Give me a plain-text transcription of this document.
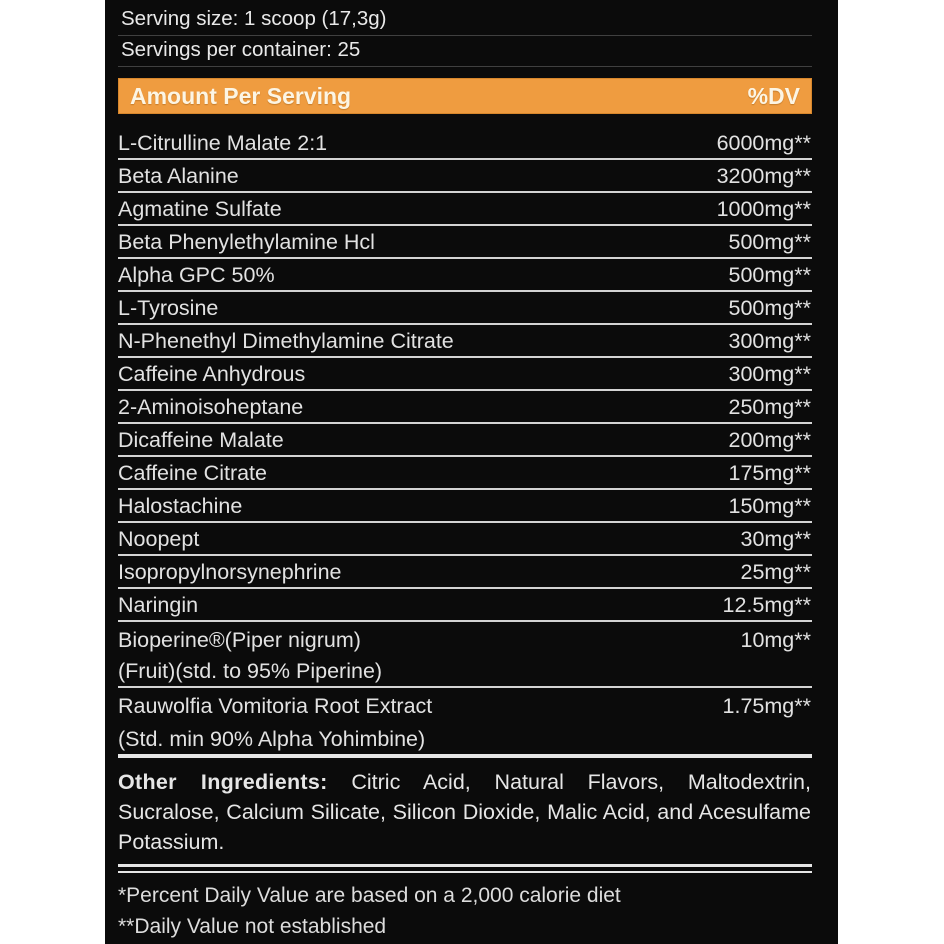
Serving size: 1 scoop (17,3g)
Servings per container: 25
Amount Per Serving	%DV
L-Citrulline Malate 2:1	6000mg**
Beta Alanine	3200mg**
Agmatine Sulfate	1000mg**
Beta Phenylethylamine Hcl	500mg**
Alpha GPC 50%	500mg**
L-Tyrosine	500mg**
N-Phenethyl Dimethylamine Citrate	300mg**
Caffeine Anhydrous	300mg**
2-Aminoisoheptane	250mg**
Dicaffeine Malate	200mg**
Caffeine Citrate	175mg**
Halostachine	150mg**
Noopept	30mg**
Isopropylnorsynephrine	25mg**
Naringin	12.5mg**
Bioperine®(Piper nigrum)	10mg**
(Fruit)(std. to 95% Piperine)
Rauwolfia Vomitoria Root Extract	1.75mg**
(Std. min 90% Alpha Yohimbine)
Other Ingredients: Citric Acid, Natural Flavors, Maltodextrin, Sucralose, Calcium Silicate, Silicon Dioxide, Malic Acid, and Acesulfame Potassium.
*Percent Daily Value are based on a 2,000 calorie diet
**Daily Value not established
